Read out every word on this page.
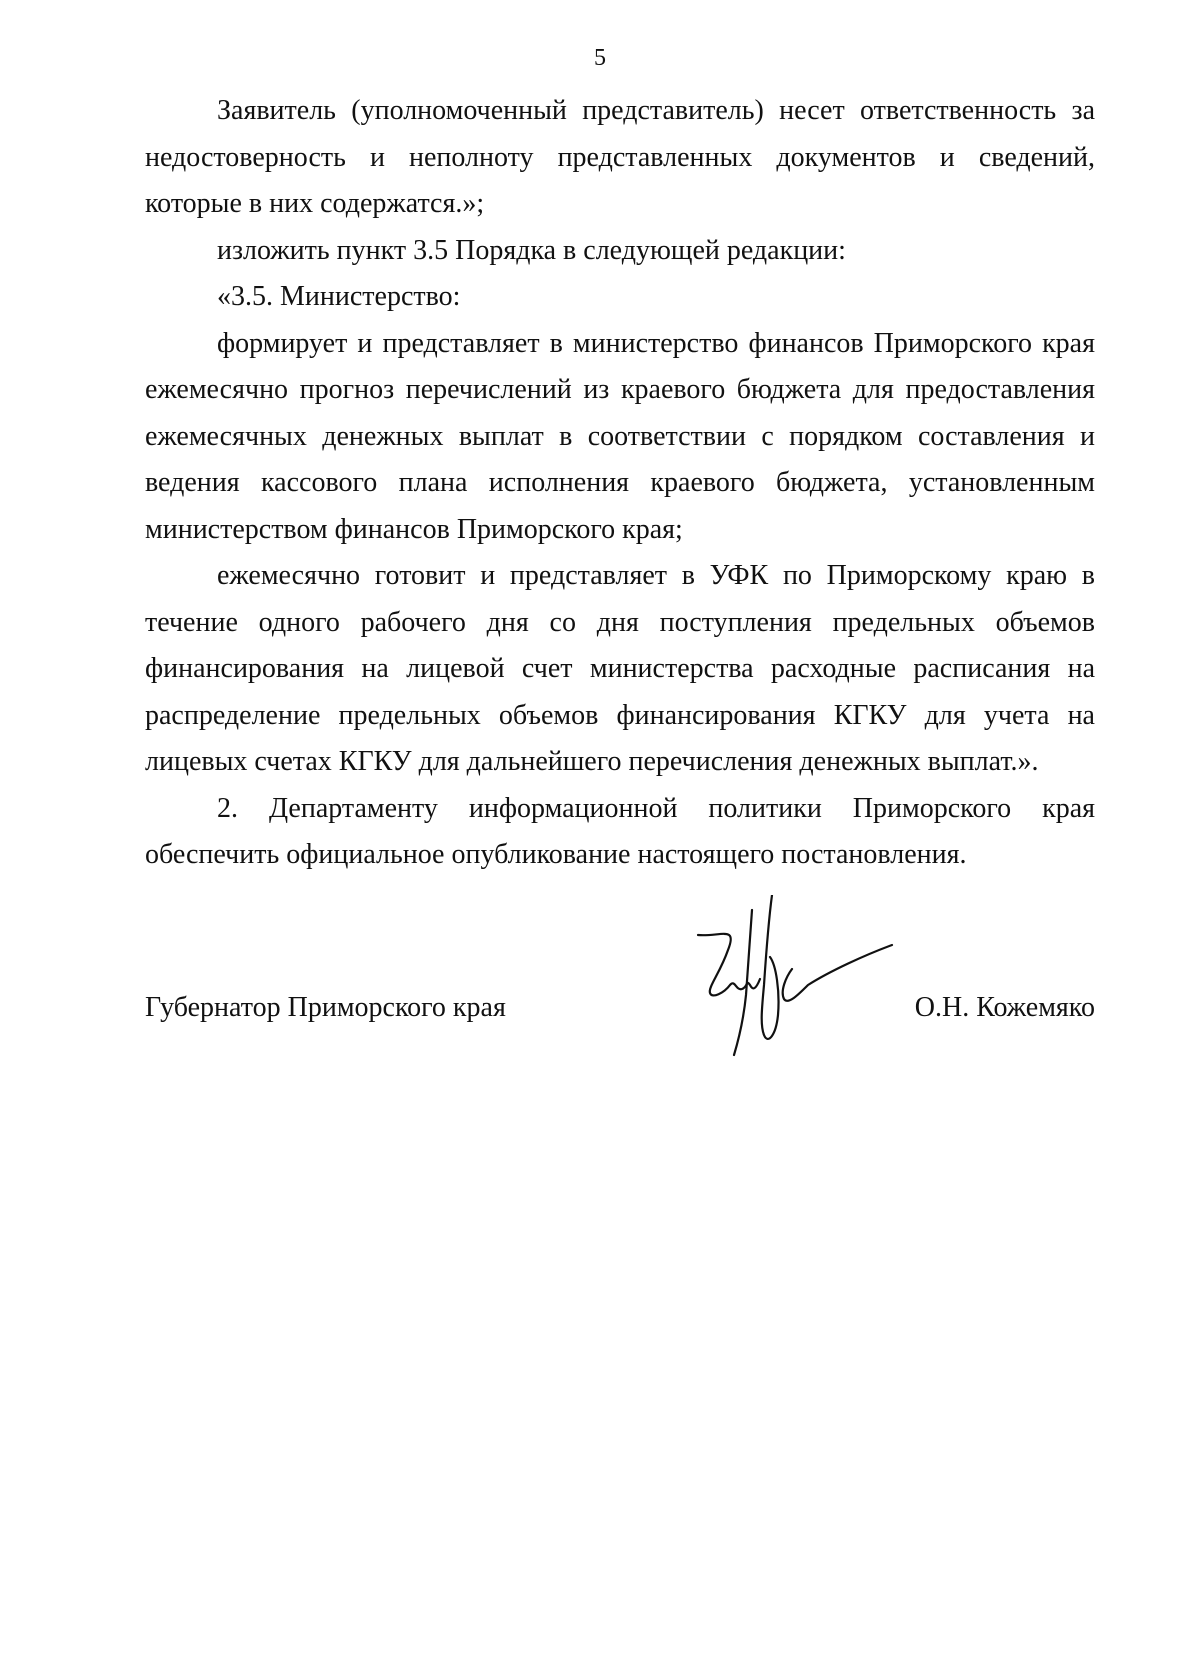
5

Заявитель (уполномоченный представитель) несет ответственность за недостоверность и неполноту представленных документов и сведений, которые в них содержатся.»;

изложить пункт 3.5 Порядка в следующей редакции:

«3.5. Министерство:

формирует и представляет в министерство финансов Приморского края ежемесячно прогноз перечислений из краевого бюджета для предоставления ежемесячных денежных выплат в соответствии с порядком составления и ведения кассового плана исполнения краевого бюджета, установленным министерством финансов Приморского края;

ежемесячно готовит и представляет в УФК по Приморскому краю в течение одного рабочего дня со дня поступления предельных объемов финансирования на лицевой счет министерства расходные расписания на распределение предельных объемов финансирования КГКУ для учета на лицевых счетах КГКУ для дальнейшего перечисления денежных выплат.».

2. Департаменту информационной политики Приморского края обеспечить официальное опубликование настоящего постановления.

Губернатор Приморского края	О.Н. Кожемяко
